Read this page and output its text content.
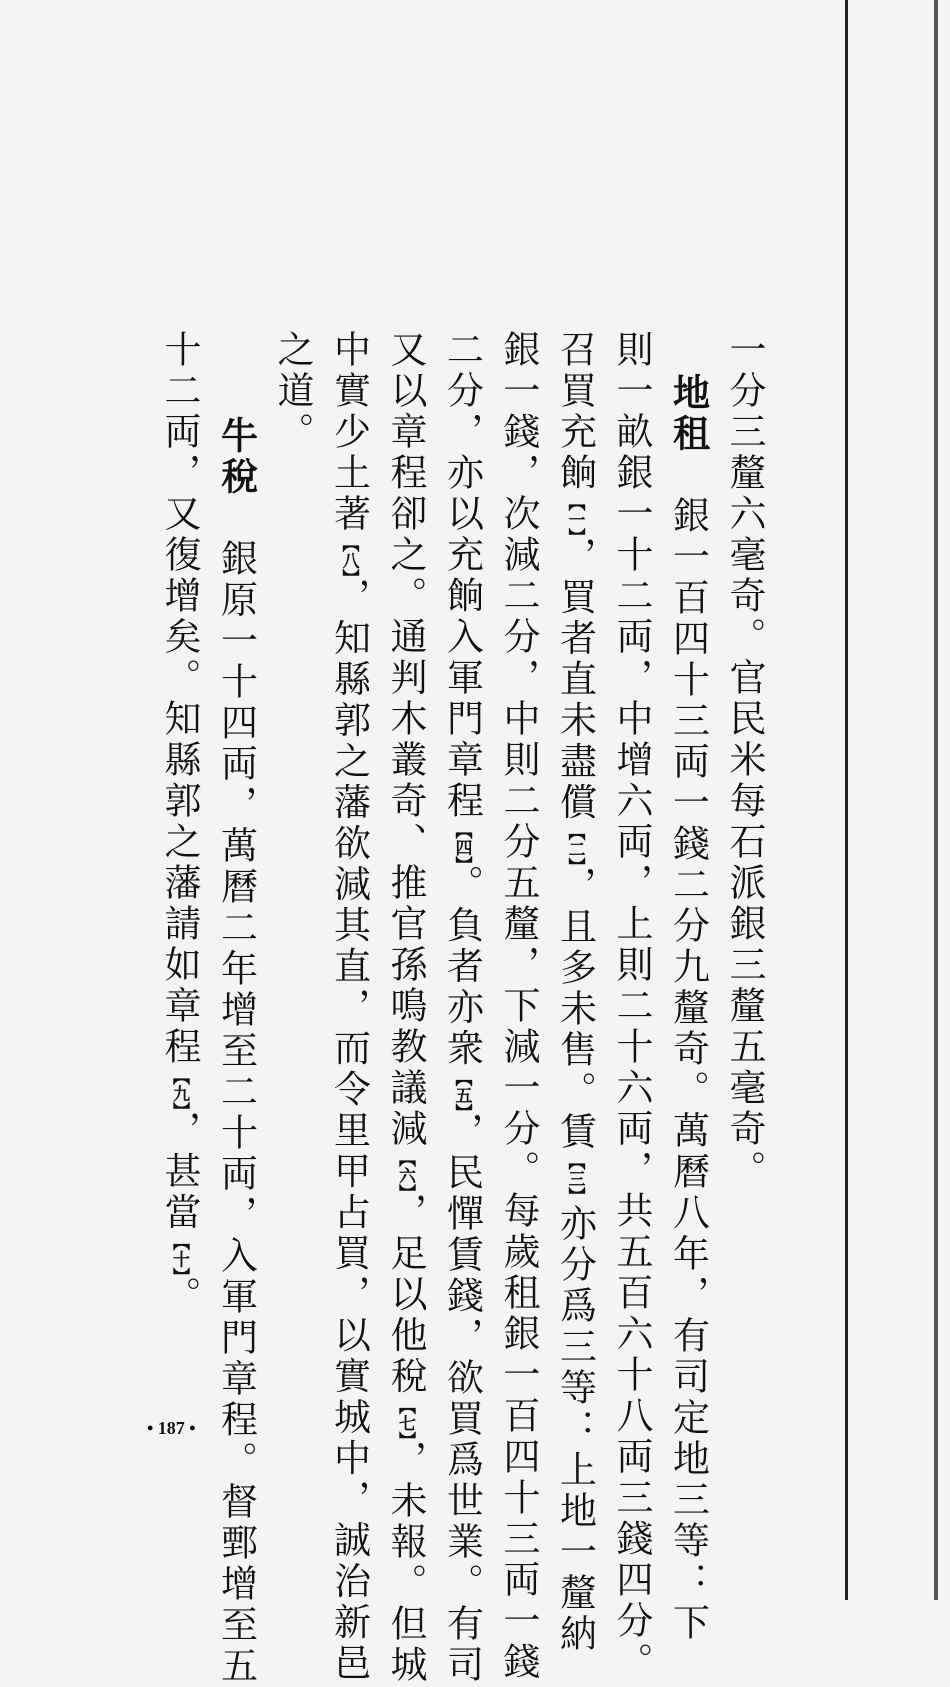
一分三釐六毫奇。官民米每石派銀三釐五毫奇。
地租　銀一百四十三両一錢二分九釐奇。萬曆八年，有司定地三等：下
則一畝銀一十二両，中增六両，上則二十六両，共五百六十八両三錢四分。
召買充餉【一】，買者直未盡償【二】，且多未售。賃【三】亦分爲三等：上地一釐納
銀一錢，次減二分，中則二分五釐，下減一分。每歲租銀一百四十三両一錢
二分，亦以充餉入軍門章程【四】。負者亦衆【五】，民憚賃錢，欲買爲世業。有司
又以章程卻之。通判木叢奇、推官孫鳴教議減【六】，足以他稅【七】，未報。但城
中實少土著【八】，知縣郭之藩欲減其直，而令里甲占買，以實城中，誠治新邑
之道。
牛稅　銀原一十四両，萬曆二年增至二十両，入軍門章程。督鄄增至五
十二両，又復增矣。知縣郭之藩請如章程【九】，甚當【十】。
• 187 •
